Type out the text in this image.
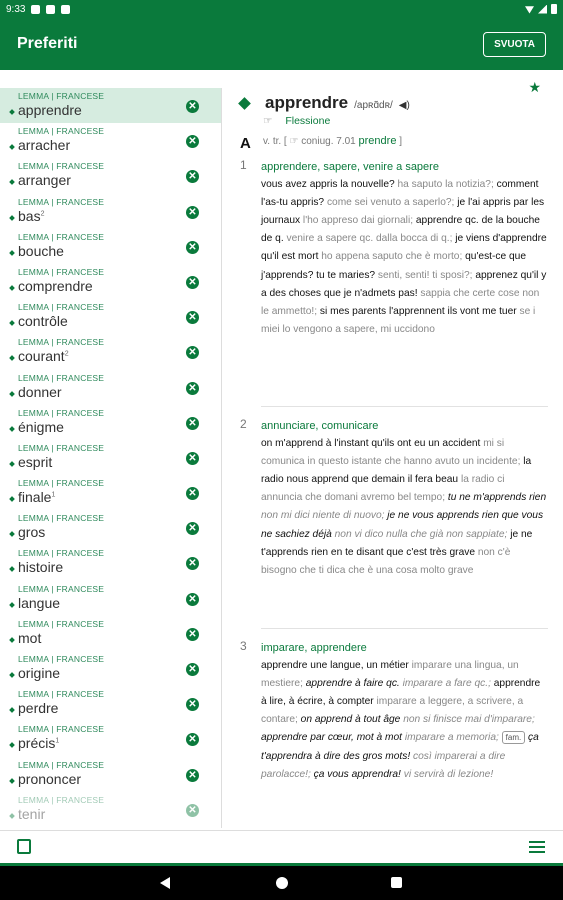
9:33
Preferiti	SVUOTA
LEMMA | FRANCESE
apprendre	✕
LEMMA | FRANCESE
arracher	✕
LEMMA | FRANCESE
arranger	✕
LEMMA | FRANCESE
bas$^2$	✕
LEMMA | FRANCESE
bouche	✕
LEMMA | FRANCESE
comprendre	✕
LEMMA | FRANCESE
contrôle	✕
LEMMA | FRANCESE
courant$^2$	✕
LEMMA | FRANCESE
donner	✕
LEMMA | FRANCESE
énigme	✕
LEMMA | FRANCESE
esprit	✕
LEMMA | FRANCESE
finale$^1$	✕
LEMMA | FRANCESE
gros	✕
LEMMA | FRANCESE
histoire	✕
LEMMA | FRANCESE
langue	✕
LEMMA | FRANCESE
mot	✕
LEMMA | FRANCESE
origine	✕
LEMMA | FRANCESE
perdre	✕
LEMMA | FRANCESE
précis$^1$	✕
LEMMA | FRANCESE
prononcer	✕
LEMMA | FRANCESE
tenir	✕
★
apprendre /apʀɑ̃dʀ/ ◀)
☞ Flessione
A v. tr. [ ☞ coniug. 7.01 prendre ]
1 apprendere, sapere, venire a sapere
vous avez appris la nouvelle? ha saputo la notizia?; comment l'as-tu appris? come sei venuto a saperlo?; je l'ai appris par les journaux l'ho appreso dai giornali; apprendre qc. de la bouche de q. venire a sapere qc. dalla bocca di q.; je viens d'apprendre qu'il est mort ho appena saputo che è morto; qu'est-ce que j'apprends? tu te maries? senti, senti! ti sposi?; apprenez qu'il y a des choses que je n'admets pas! sappia che certe cose non le ammetto!; si mes parents l'apprennent ils vont me tuer se i miei lo vengono a sapere, mi uccidono
2 annunciare, comunicare
on m'apprend à l'instant qu'ils ont eu un accident mi si comunica in questo istante che hanno avuto un incidente; la radio nous apprend que demain il fera beau la radio ci annuncia che domani avremo bel tempo; tu ne m'apprends rien non mi dici niente di nuovo; je ne vous apprends rien que vous ne sachiez déjà non vi dico nulla che già non sappiate; je ne t'apprends rien en te disant que c'est très grave non c'è bisogno che ti dica che è una cosa molto grave
3 imparare, apprendere
apprendre une langue, un métier imparare una lingua, un mestiere; apprendre à faire qc. imparare a fare qc.; apprendre à lire, à écrire, à compter imparare a leggere, a scrivere, a contare; on apprend à tout âge non si finisce mai d'imparare; apprendre par cœur, mot à mot imparare a memoria; fam. ça t'apprendra à dire des gros mots! così imparerai a dire parolacce!; ça vous apprendra! vi servirà di lezione!
